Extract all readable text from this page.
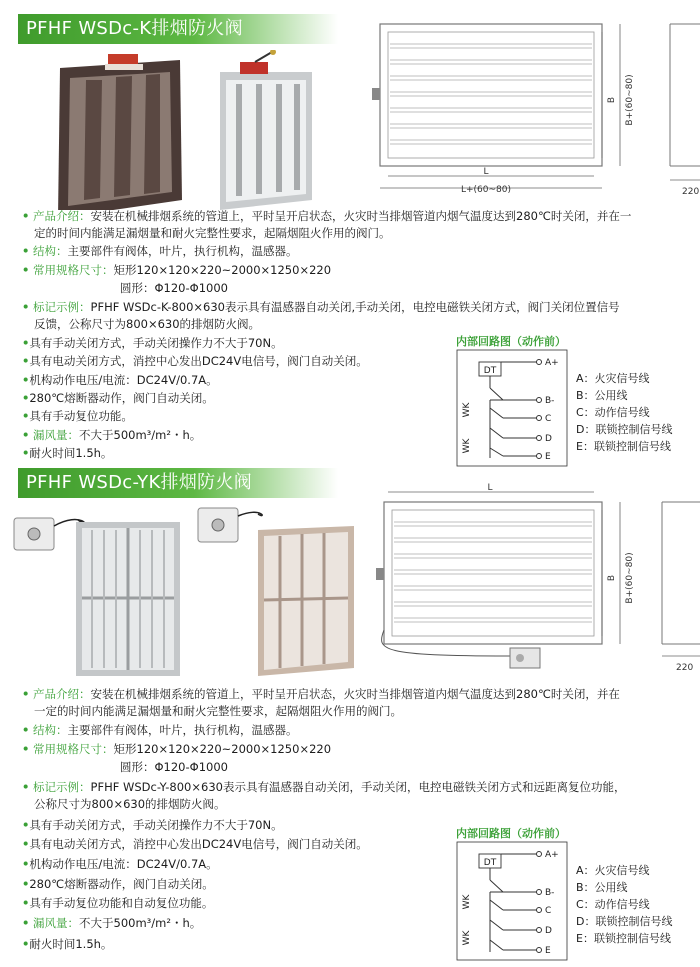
PFHF WSDc-K排烟防火阀
L
L+(60~80)
B B+(60~80)
220
• 产品介绍：安装在机械排烟系统的管道上，平时呈开启状态，火灾时当排烟管道内烟气温度达到280℃时关闭，并在一
定的时间内能满足漏烟量和耐火完整性要求，起隔烟阻火作用的阀门。
• 结构：主要部件有阀体，叶片，执行机构，温感器。
• 常用规格尺寸：矩形120×120×220~2000×1250×220
圆形：Φ120-Φ1000
• 标记示例：PFHF WSDc-K-800×630表示具有温感器自动关闭,手动关闭，电控电磁铁关闭方式，阀门关闭位置信号
反馈，公称尺寸为800×630的排烟防火阀。
•具有手动关闭方式，手动关闭操作力不大于70N。
•具有电动关闭方式，消控中心发出DC24V电信号，阀门自动关闭。
•机构动作电压/电流：DC24V/0.7A。
•280℃熔断器动作，阀门自动关闭。
•具有手动复位功能。
• 漏风量：不大于500m³/m²・h。
•耐火时间1.5h。
内部回路图（动作前）
DT
A+
B-
C
D
E
WK
WK
A：火灾信号线
B：公用线
C：动作信号线
D：联锁控制信号线
E：联锁控制信号线
PFHF WSDc-YK排烟防火阀	L
B B+(60~80)
220
• 产品介绍：安装在机械排烟系统的管道上，平时呈开启状态，火灾时当排烟管道内烟气温度达到280℃时关闭，并在
一定的时间内能满足漏烟量和耐火完整性要求，起隔烟阻火作用的阀门。
• 结构：主要部件有阀体，叶片，执行机构，温感器。
• 常用规格尺寸：矩形120×120×220~2000×1250×220
圆形：Φ120-Φ1000
• 标记示例：PFHF WSDc-Y-800×630表示具有温感器自动关闭，手动关闭，电控电磁铁关闭方式和远距离复位功能，
公称尺寸为800×630的排烟防火阀。
•具有手动关闭方式，手动关闭操作力不大于70N。
•具有电动关闭方式，消控中心发出DC24V电信号，阀门自动关闭。
•机构动作电压/电流：DC24V/0.7A。
•280℃熔断器动作，阀门自动关闭。
•具有手动复位功能和自动复位功能。
• 漏风量：不大于500m³/m²・h。
•耐火时间1.5h。
内部回路图（动作前）
DT
A+
B-
C
D
E
WK
WK
A：火灾信号线
B：公用线
C：动作信号线
D：联锁控制信号线
E：联锁控制信号线
